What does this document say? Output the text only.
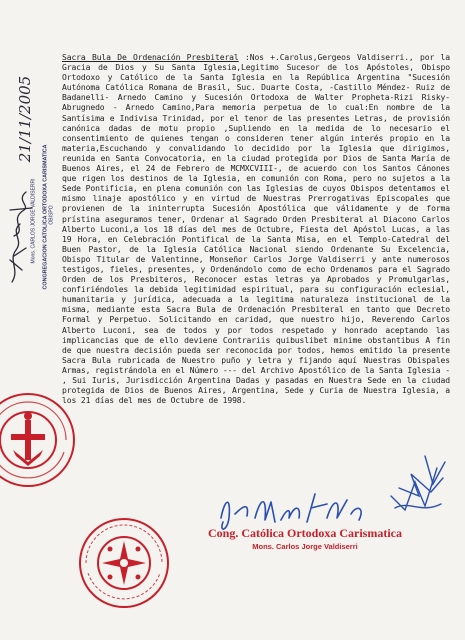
21/11/2005
CONGREGACION CATOLICA ORTODOXA CARISMATICA
Mons. CARLOS JORGE VALDISERRI OBISPO

Sacra Bula De Ordenación Presbiteral :Nos +.Carolus,Gergeos Valdiserri., por la Gracia de Dios y Su Santa Iglesia,Legitimo Sucesor de los Apóstoles, Obispo Ortodoxo y Católico de la Santa Iglesia en la República Argentina "Sucesión Autónoma Católica Romana de Brasil, Suc. Duarte Costa, -Castillo Méndez- Ruiz de Badanelli- Arnedo Camino y Sucesión Ortodoxa de Walter Propheta-Rizi Risky- Abrugnedo - Arnedo Camino,Para memoria perpetua de lo cual:En nombre de la Santísima e Indivisa Trinidad, por el tenor de las presentes Letras, de provisión canónica dadas de motu propio ,Supliendo en la medida de lo necesario el consentimiento de quienes tengan o consideren tener algún interés propio en la materia,Escuchando y convalidando lo decidido por la Iglesia que dirigimos, reunida en Santa Convocatoria, en la ciudad protegida por Dios de Santa María de Buenos Aires, el 24 de Febrero de MCMXCVIII-, de acuerdo con los Santos Cánones que rigen los destinos de la Iglesia, en comunión con Roma, pero no sujetos a la Sede Pontificia, en plena comunión con las Iglesias de cuyos Obispos detentamos el mismo linaje apostólico y en virtud de Nuestras Prerrogativas Episcopales que provienen de la ininterrupta Sucesión Apostólica que válidamente y de forma prístina aseguramos tener, Ordenar al Sagrado Orden Presbiteral al Diacono Carlos Alberto Luconi,a los 18 días del mes de Octubre, Fiesta del Apóstol Lucas, a las 19 Hora, en Celebración Pontifical de la Santa Misa, en el Templo-Catedral del Buen Pastor, de la Iglesia Católica Nacional siendo Ordenante Su Excelencia, Obispo Titular de Valentinne, Monseñor Carlos Jorge Valdiserri y ante numerosos testigos, fieles, presentes, y Ordenándolo como de echo Ordenamos para el Sagrado Orden de los Presbiteros, Reconocer estas letras ya Aprobados y Promulgarlas, confiriéndoles la debida legitimidad espiritual, para su configuración eclesial, humanitaria y jurídica, adecuada a la legitima naturaleza institucional de la misma, mediante esta Sacra Bula de Ordenación Presbiteral en tanto que Decreto Formal y Perpetuo. Solicitando en caridad, que nuestro hijo, Reverendo Carlos Alberto Luconi, sea de todos y por todos respetado y honrado aceptando las implicancias que de ello deviene Contrariis quibuslibet minime obstantibus A fin de que nuestra decisión pueda ser reconocida por todos, hemos emitido la presente Sacra Bula rubricada de Nuestro puño y letra y fijando aquí Nuestras Obispales Armas, registrándola en el Número --- del Archivo Apostólico de la Santa Iglesia - , Sui Iuris, Jurisdicción Argentina Dadas y pasadas en Nuestra Sede en la ciudad protegida de Dios de Buenos Aires, Argentina, Sede y Curia de Nuestra Iglesia, a los 21 días del mes de Octubre de 1998.

Cong. Católica Ortodoxa Carismatica
Mons. Carlos Jorge Valdiserri
